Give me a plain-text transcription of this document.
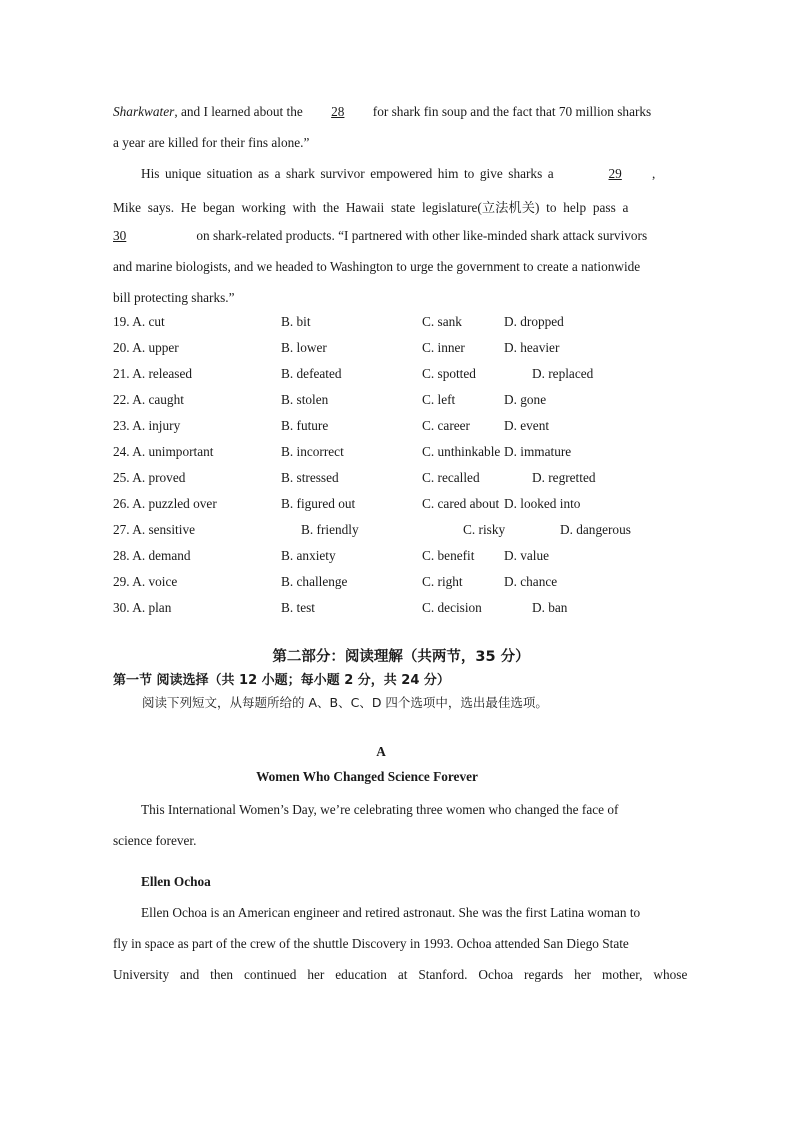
Sharkwater, and I learned about the 28 for shark fin soup and the fact that 70 million sharks
a year are killed for their fins alone.”
His unique situation as a shark survivor empowered him to give sharks a	29 ,
Mike says. He began working with the Hawaii state legislature(立法机关) to help pass a
30	on shark-related products. “I partnered with other like-minded shark attack survivors
and marine biologists, and we headed to Washington to urge the government to create a nationwide
bill protecting sharks.”
19. A. cut	B. bit	C. sank	D. dropped
20. A. upper	B. lower	C. inner	D. heavier
21. A. released	B. defeated	C. spotted	D. replaced
22. A. caught	B. stolen	C. left	D. gone
23. A. injury	B. future	C. career	D. event
24. A. unimportant	B. incorrect	C. unthinkable D. immature
25. A. proved	B. stressed	C. recalled	D. regretted
26. A. puzzled over	B. figured out	C. cared about D. looked into
27. A. sensitive	B. friendly	C. risky	D. dangerous
28. A. demand	B. anxiety	C. benefit D. value
29. A. voice	B. challenge	C. right	D. chance
30. A. plan	B. test	C. decision	D. ban
第二部分：阅读理解（共两节，35 分）
第一节 阅读选择（共 12 小题；每小题 2 分，共 24 分）
阅读下列短文，从每题所给的 A、B、C、D 四个选项中，选出最佳选项。
A
Women Who Changed Science Forever
This International Women’s Day, we’re celebrating three women who changed the face of
science forever.
Ellen Ochoa
Ellen Ochoa is an American engineer and retired astronaut. She was the first Latina woman to
fly in space as part of the crew of the shuttle Discovery in 1993. Ochoa attended San Diego State
University and then continued her education at Stanford. Ochoa regards her mother, whose
